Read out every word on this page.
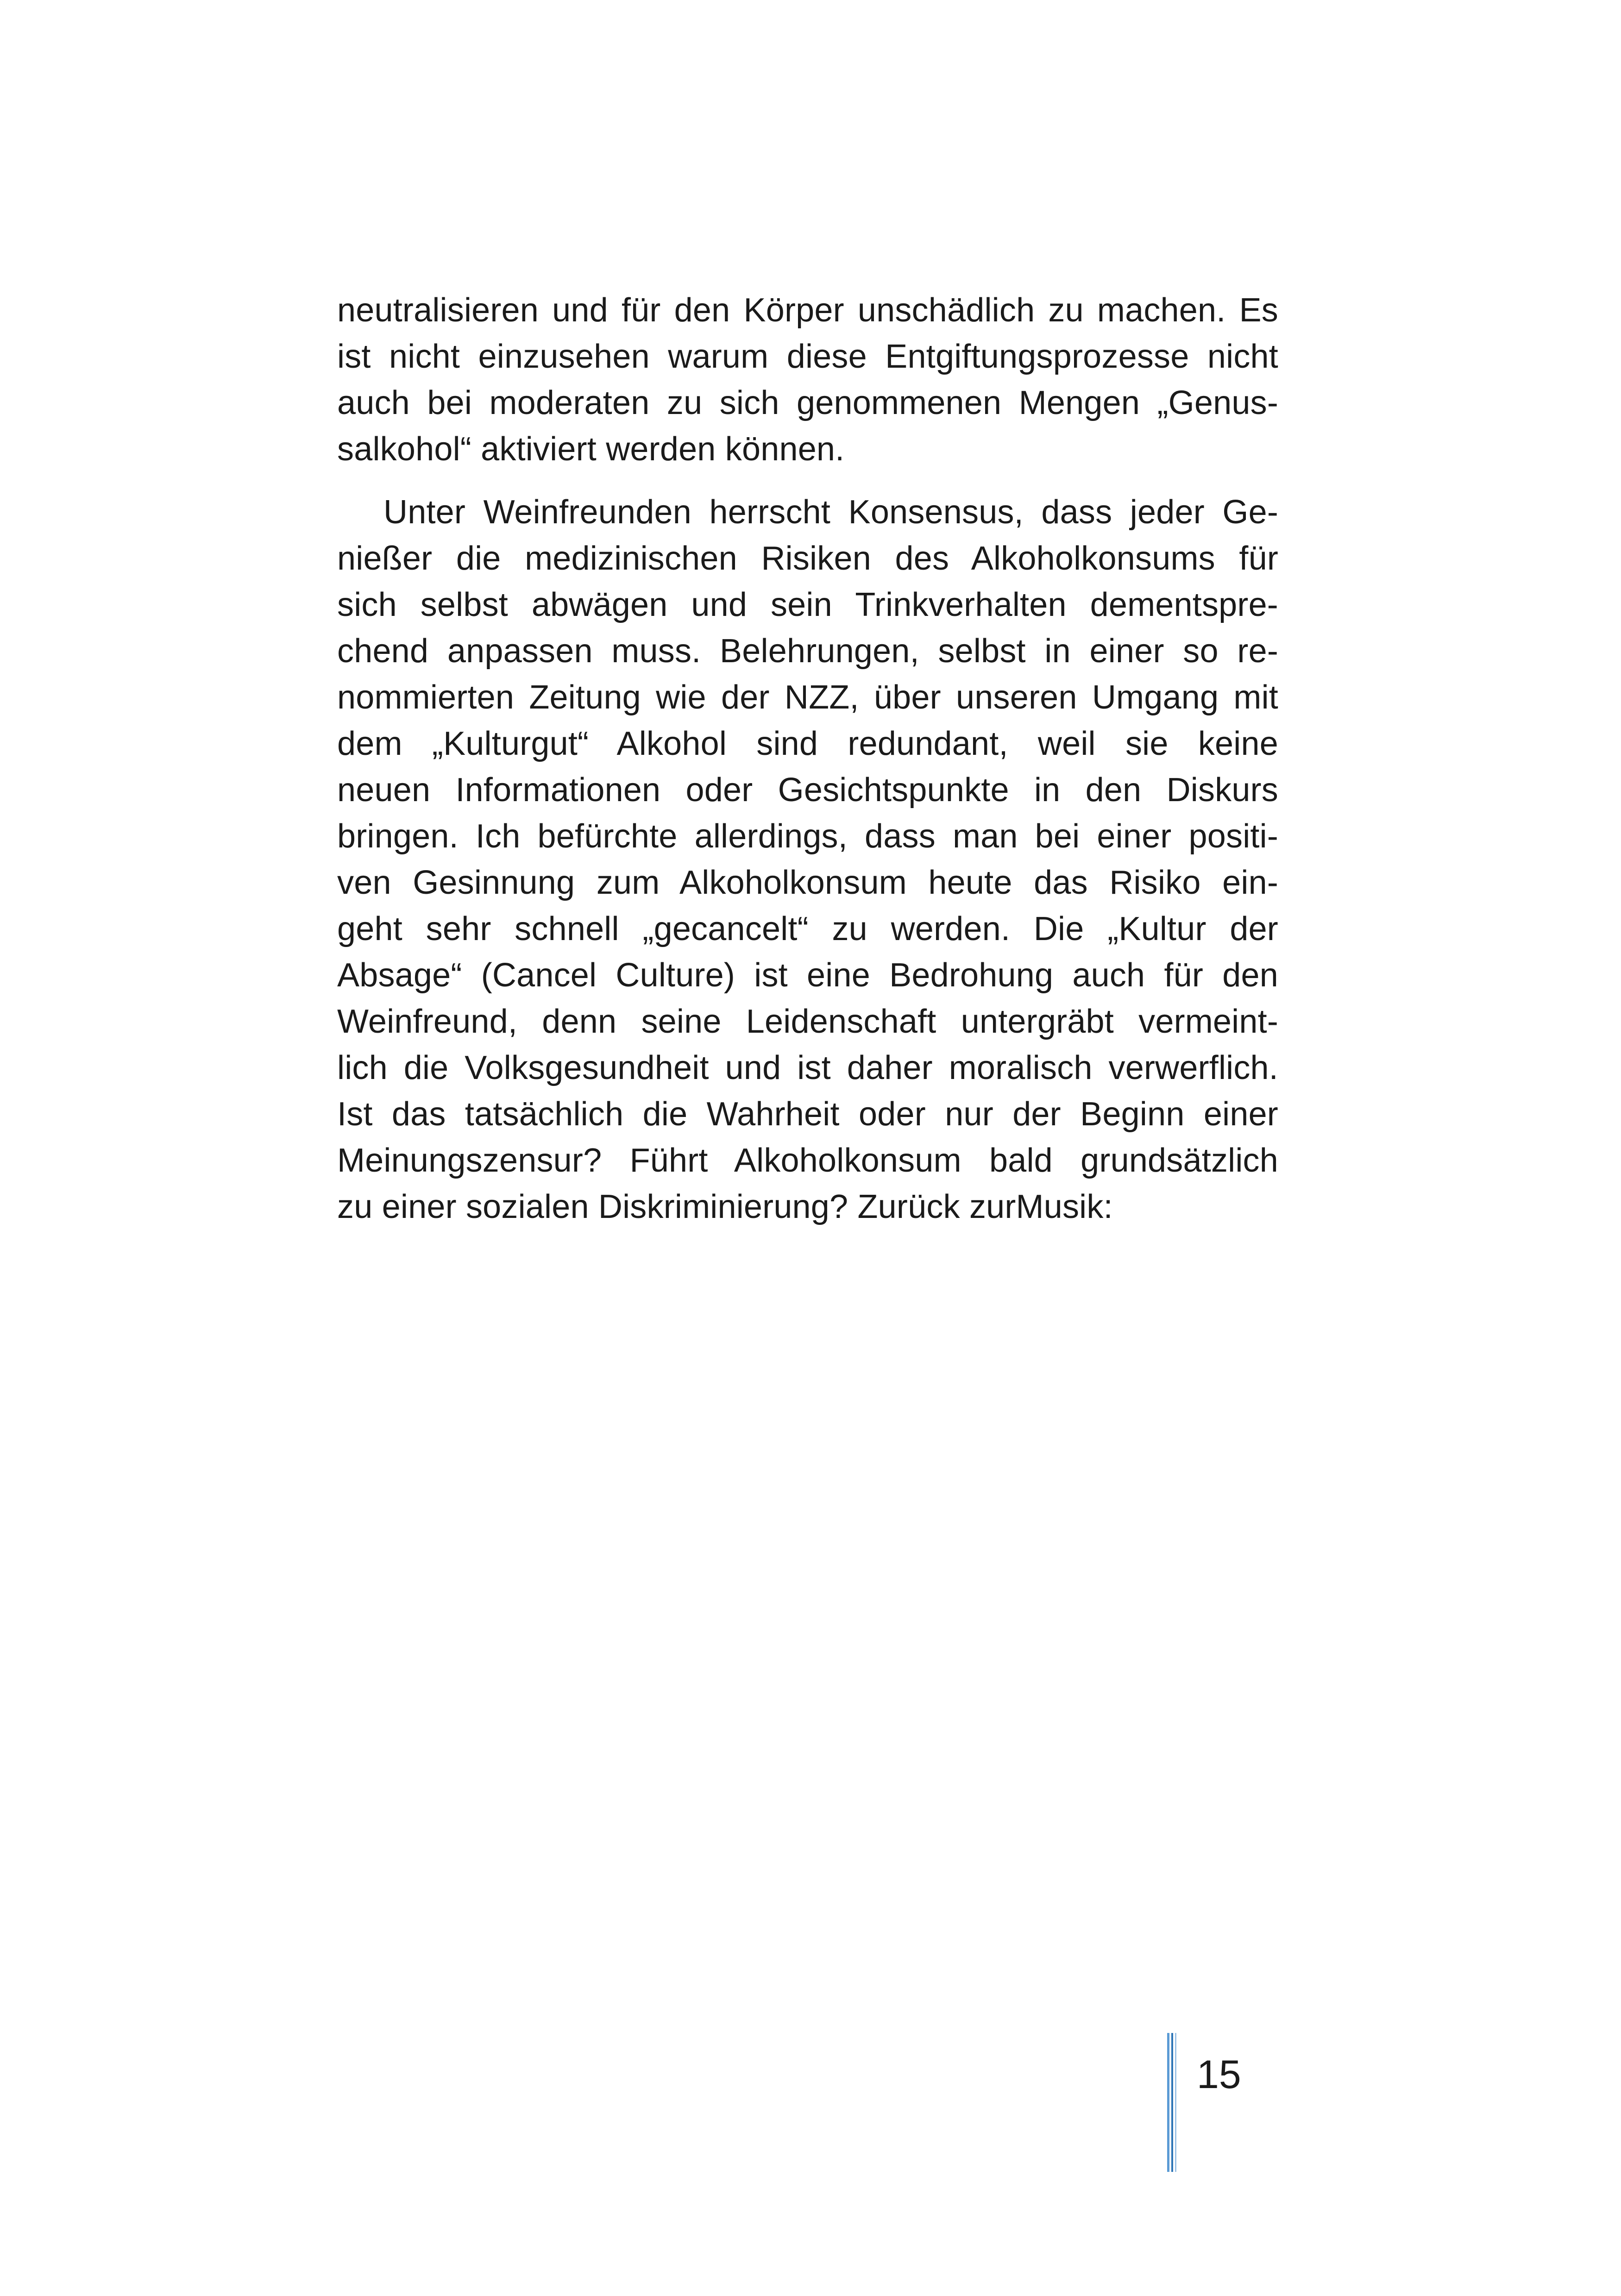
neutralisieren und für den Körper unschädlich zu machen. Es
ist nicht einzusehen warum diese Entgiftungsprozesse nicht
auch bei moderaten zu sich genommenen Mengen „Genus-
salkohol“ aktiviert werden können.
Unter Weinfreunden herrscht Konsensus, dass jeder Ge-
nießer die medizinischen Risiken des Alkoholkonsums für
sich selbst abwägen und sein Trinkverhalten dementspre-
chend anpassen muss. Belehrungen, selbst in einer so re-
nommierten Zeitung wie der NZZ, über unseren Umgang mit
dem „Kulturgut“ Alkohol sind redundant, weil sie keine
neuen Informationen oder Gesichtspunkte in den Diskurs
bringen. Ich befürchte allerdings, dass man bei einer positi-
ven Gesinnung zum Alkoholkonsum heute das Risiko ein-
geht sehr schnell „gecancelt“ zu werden. Die „Kultur der
Absage“ (Cancel Culture) ist eine Bedrohung auch für den
Weinfreund, denn seine Leidenschaft untergräbt vermeint-
lich die Volksgesundheit und ist daher moralisch verwerflich.
Ist das tatsächlich die Wahrheit oder nur der Beginn einer
Meinungszensur? Führt Alkoholkonsum bald grundsätzlich
zu einer sozialen Diskriminierung? Zurück zurMusik:
15
